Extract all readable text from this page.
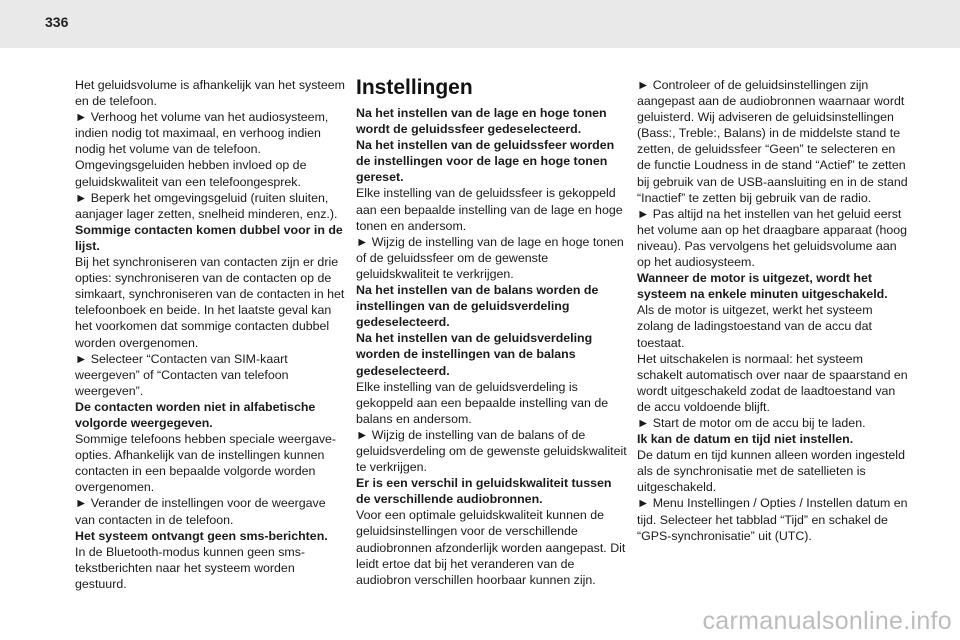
336

Het geluidsvolume is afhankelijk van het systeem en de telefoon.

► Verhoog het volume van het audiosysteem, indien nodig tot maximaal, en verhoog indien nodig het volume van de telefoon.

Omgevingsgeluiden hebben invloed op de geluidskwaliteit van een telefoongesprek.

► Beperk het omgevingsgeluid (ruiten sluiten, aanjager lager zetten, snelheid minderen, enz.).

Sommige contacten komen dubbel voor in de lijst.

Bij het synchroniseren van contacten zijn er drie opties: synchroniseren van de contacten op de simkaart, synchroniseren van de contacten in het telefoonboek en beide. In het laatste geval kan het voorkomen dat sommige contacten dubbel worden overgenomen.

► Selecteer “Contacten van SIM-kaart weergeven” of “Contacten van telefoon weergeven”.

De contacten worden niet in alfabetische volgorde weergegeven.

Sommige telefoons hebben speciale weergave-opties. Afhankelijk van de instellingen kunnen contacten in een bepaalde volgorde worden overgenomen.

► Verander de instellingen voor de weergave van contacten in de telefoon.

Het systeem ontvangt geen sms-berichten.

In de Bluetooth-modus kunnen geen sms-tekstberichten naar het systeem worden gestuurd.

Instellingen

Na het instellen van de lage en hoge tonen wordt de geluidssfeer gedeselecteerd.

Na het instellen van de geluidssfeer worden de instellingen voor de lage en hoge tonen gereset.

Elke instelling van de geluidssfeer is gekoppeld aan een bepaalde instelling van de lage en hoge tonen en andersom.

► Wijzig de instelling van de lage en hoge tonen of de geluidssfeer om de gewenste geluidskwaliteit te verkrijgen.

Na het instellen van de balans worden de instellingen van de geluidsverdeling gedeselecteerd.

Na het instellen van de geluidsverdeling worden de instellingen van de balans gedeselecteerd.

Elke instelling van de geluidsverdeling is gekoppeld aan een bepaalde instelling van de balans en andersom.

► Wijzig de instelling van de balans of de geluidsverdeling om de gewenste geluidskwaliteit te verkrijgen.

Er is een verschil in geluidskwaliteit tussen de verschillende audiobronnen.

Voor een optimale geluidskwaliteit kunnen de geluidsinstellingen voor de verschillende audiobronnen afzonderlijk worden aangepast. Dit leidt ertoe dat bij het veranderen van de audiobron verschillen hoorbaar kunnen zijn.

► Controleer of de geluidsinstellingen zijn aangepast aan de audiobronnen waarnaar wordt geluisterd. Wij adviseren de geluidsinstellingen (Bass:, Treble:, Balans) in de middelste stand te zetten, de geluidssfeer “Geen” te selecteren en de functie Loudness in de stand “Actief” te zetten bij gebruik van de USB-aansluiting en in de stand “Inactief” te zetten bij gebruik van de radio.

► Pas altijd na het instellen van het geluid eerst het volume aan op het draagbare apparaat (hoog niveau). Pas vervolgens het geluidsvolume aan op het audiosysteem.

Wanneer de motor is uitgezet, wordt het systeem na enkele minuten uitgeschakeld.

Als de motor is uitgezet, werkt het systeem zolang de ladingstoestand van de accu dat toestaat.

Het uitschakelen is normaal: het systeem schakelt automatisch over naar de spaarstand en wordt uitgeschakeld zodat de laadtoestand van de accu voldoende blijft.

► Start de motor om de accu bij te laden.

Ik kan de datum en tijd niet instellen.

De datum en tijd kunnen alleen worden ingesteld als de synchronisatie met de satellieten is uitgeschakeld.

► Menu Instellingen / Opties / Instellen datum en tijd. Selecteer het tabblad “Tijd” en schakel de “GPS-synchronisatie” uit (UTC).

carmanualsonline.info
